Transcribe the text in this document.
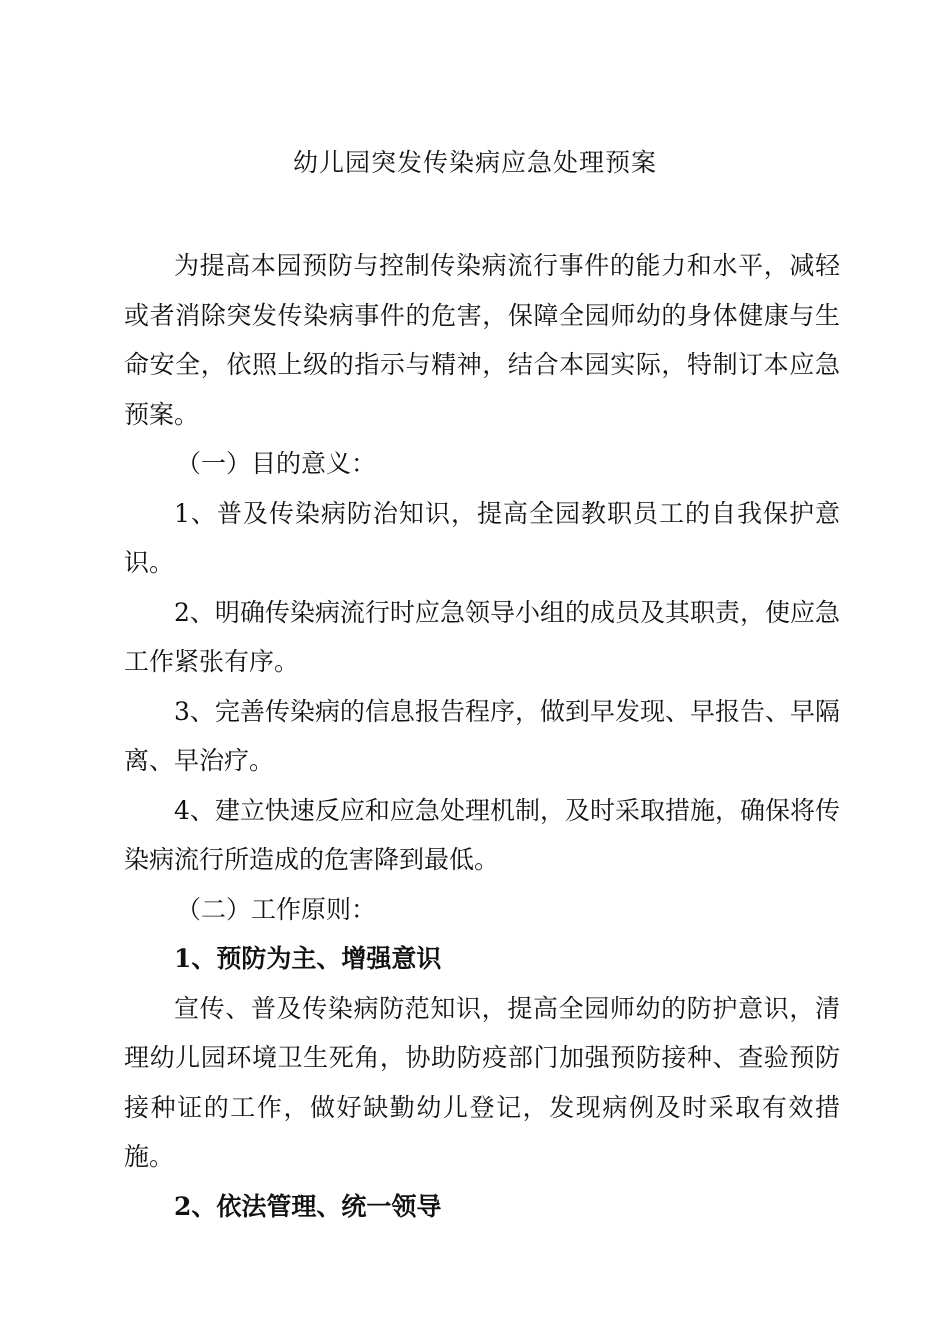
幼儿园突发传染病应急处理预案

为提高本园预防与控制传染病流行事件的能力和水平，减轻或者消除突发传染病事件的危害，保障全园师幼的身体健康与生命安全，依照上级的指示与精神，结合本园实际，特制订本应急预案。

（一）目的意义：

1、普及传染病防治知识，提高全园教职员工的自我保护意识。

2、明确传染病流行时应急领导小组的成员及其职责，使应急工作紧张有序。

3、完善传染病的信息报告程序，做到早发现、早报告、早隔离、早治疗。

4、建立快速反应和应急处理机制，及时采取措施，确保将传染病流行所造成的危害降到最低。

（二）工作原则：

1、预防为主、增强意识

宣传、普及传染病防范知识，提高全园师幼的防护意识，清理幼儿园环境卫生死角，协助防疫部门加强预防接种、查验预防接种证的工作，做好缺勤幼儿登记，发现病例及时采取有效措施。

2、依法管理、统一领导
